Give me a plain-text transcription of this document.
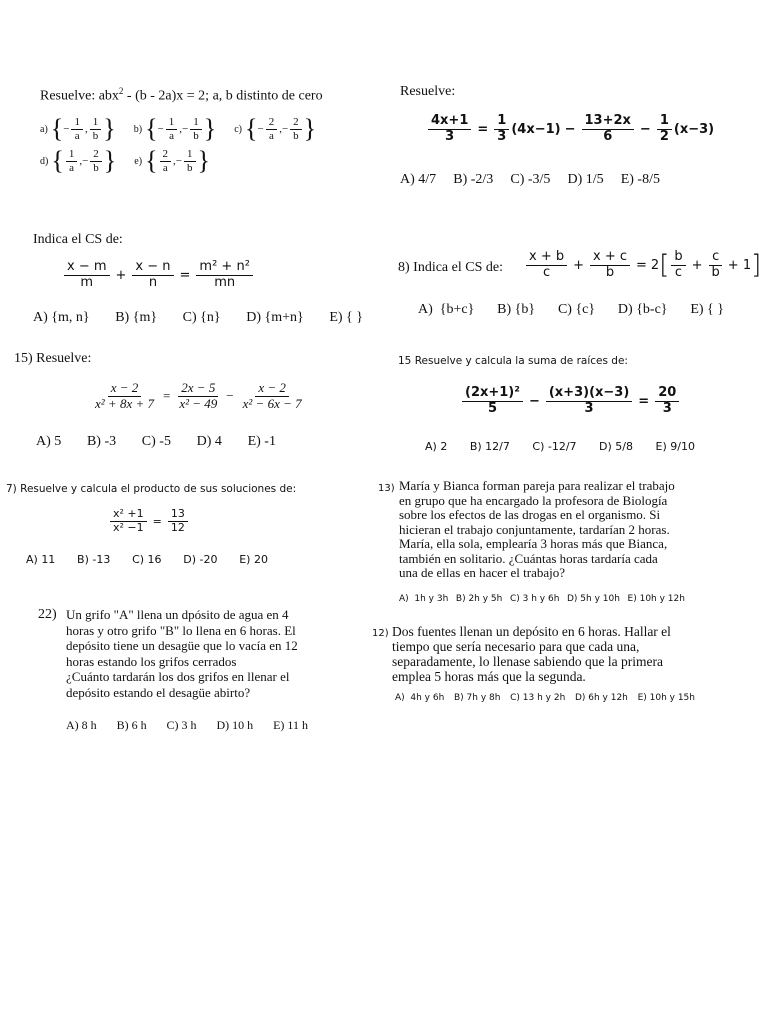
Resuelve: abx$^2$ - (b - 2a)x = 2; a, b distinto de cero
a) { − $\frac{1}{a}$ , $\frac{1}{b}$ } b) { − $\frac{1}{a}$ , − $\frac{1}{b}$ } c) { − $\frac{2}{a}$ , − $\frac{2}{b}$ }
d) { $\frac{1}{a}$ , − $\frac{2}{b}$ } e) { $\frac{2}{a}$ , − $\frac{1}{b}$ }
Indica el CS de:
$\frac{x - m}{m} + \frac{x - n}{n} = \frac{\text{m² + n²}}{mn}$
A) {m, n} B) {m} C) {n} D) {m+n} E) { }
15) Resuelve:
$\frac{x - 2}{\text{x² + 8x + 7}} = \frac{2x - 5}{\text{x² − 49}} - \frac{x - 2}{\text{x² − 6x − 7}}$
A) 5 B) -3 C) -5 D) 4 E) -1
7) Resuelve y calcula el producto de sus soluciones de:
$\frac{\text{x² +1}}{\text{x² −1}} = \frac{13}{12}$
A) 11 B) -13 C) 16 D) -20 E) 20
22) Un grifo "A" llena un dpósito de agua en 4
horas y otro grifo "B" lo llena en 6 horas. El
depósito tiene un desagüe que lo vacía en 12
horas estando los grifos cerrados
¿Cuánto tardarán los dos grifos en llenar el
depósito estando el desagüe abirto?
A) 8 h B) 6 h C) 3 h D) 10 h E) 11 h
Resuelve:
$\frac{4x+1}{3} = \frac{1}{3} (4x-1) - \frac{13+2x}{6} - \frac{1}{2} (x-3)$
A) 4/7 B) -2/3 C) -3/5 D) 1/5 E) -8/5
8) Indica el CS de: $\frac{x + b}{c} + \frac{x + c}{b} = 2$ [ $\frac{b}{c} + \frac{c}{b} + 1$ ]
A)  {b+c} B) {b} C) {c} D) {b-c} E) { }
15 Resuelve y calcula la suma de raíces de:
$\frac{\text{(2x+1)²}}{5} - \frac{(x+3)(x-3)}{3} = \frac{20}{3}$
A) 2 B) 12/7 C) -12/7 D) 5/8 E) 9/10
13) María y Bianca forman pareja para realizar el trabajo
en grupo que ha encargado la profesora de Biología
sobre los efectos de las drogas en el organismo. Si
hicieran el trabajo conjuntamente, tardarían 2 horas.
María, ella sola, emplearía 3 horas más que Bianca,
también en solitario. ¿Cuántas horas tardaría cada
una de ellas en hacer el trabajo?
A)  1h y 3h B) 2h y 5h C) 3 h y 6h D) 5h y 10h E) 10h y 12h
12) Dos fuentes llenan un depósito en 6 horas. Hallar el
tiempo que sería necesario para que cada una,
separadamente, lo llenase sabiendo que la primera
emplea 5 horas más que la segunda.
A)  4h y 6h B) 7h y 8h C) 13 h y 2h D) 6h y 12h E) 10h y 15h
